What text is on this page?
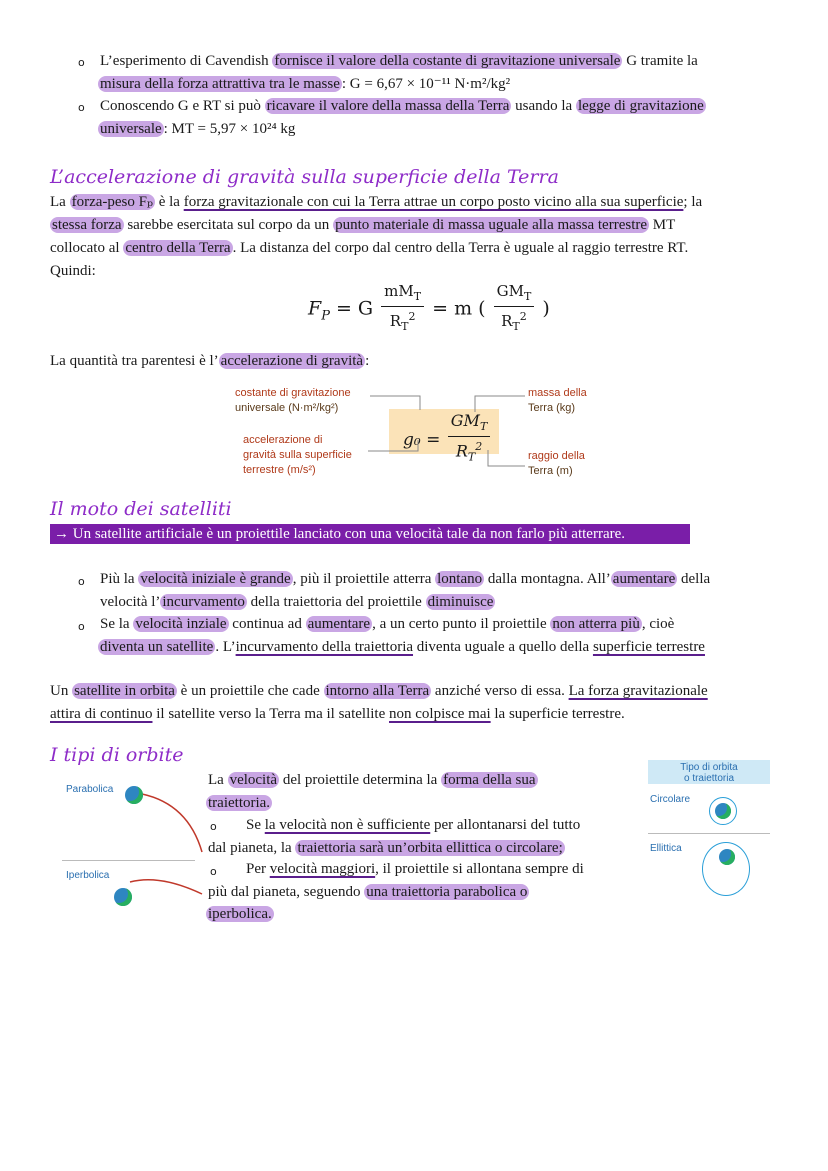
o L’esperimento di Cavendish fornisce il valore della costante di gravitazione universale G tramite la
misura della forza attrattiva tra le masse : G = 6,67 × 10⁻¹¹ N·m²/kg²
o Conoscendo G e RT si può ricavare il valore della massa della Terra usando la legge di gravitazione
universale : MT = 5,97 × 10²⁴ kg
L’accelerazione di gravità sulla superficie della Terra
La forza-peso Fₚ è la forza gravitazionale con cui la Terra attrae un corpo posto vicino alla sua superficie; la
stessa forza sarebbe esercitata sul corpo da un punto materiale di massa uguale alla massa terrestre MT
collocato al centro della Terra . La distanza del corpo dal centro della Terra è uguale al raggio terrestre RT.
Quindi:
$F_P = G \frac{mM_T}{R_T^2} = m$ ( $\frac{GM_T}{R_T^2}$ )
La quantità tra parentesi è l’ accelerazione di gravità :
$g_0 = \frac{GM_T}{R_T^2}$
costante di gravitazione
universale (N·m²/kg²)
accelerazione di
gravità sulla superficie
terrestre (m/s²)
massa della
Terra (kg)
raggio della
Terra (m)
Il moto dei satelliti
→ Un satellite artificiale è un proiettile lanciato con una velocità tale da non farlo più atterrare.
o Più la velocità iniziale è grande , più il proiettile atterra lontano dalla montagna. All’ aumentare della
velocità l’ incurvamento della traiettoria del proiettile diminuisce
o Se la velocità inziale continua ad aumentare , a un certo punto il proiettile non atterra più , cioè
diventa un satellite . L’incurvamento della traiettoria diventa uguale a quello della superficie terrestre
Un satellite in orbita è un proiettile che cade intorno alla Terra anziché verso di essa. La forza gravitazionale
attira di continuo il satellite verso la Terra ma il satellite non colpisce mai la superficie terrestre.
I tipi di orbite
Parabolica
Iperbolica
La velocità del proiettile determina la forma della sua
traiettoria.
o Se la velocità non è sufficiente per allontanarsi del tutto
dal pianeta, la traiettoria sarà un’orbita ellittica o circolare;
o Per velocità maggiori, il proiettile si allontana sempre di
più dal pianeta, seguendo una traiettoria parabolica o
iperbolica.
Tipo di orbita
o traiettoria
Circolare
Ellittica
